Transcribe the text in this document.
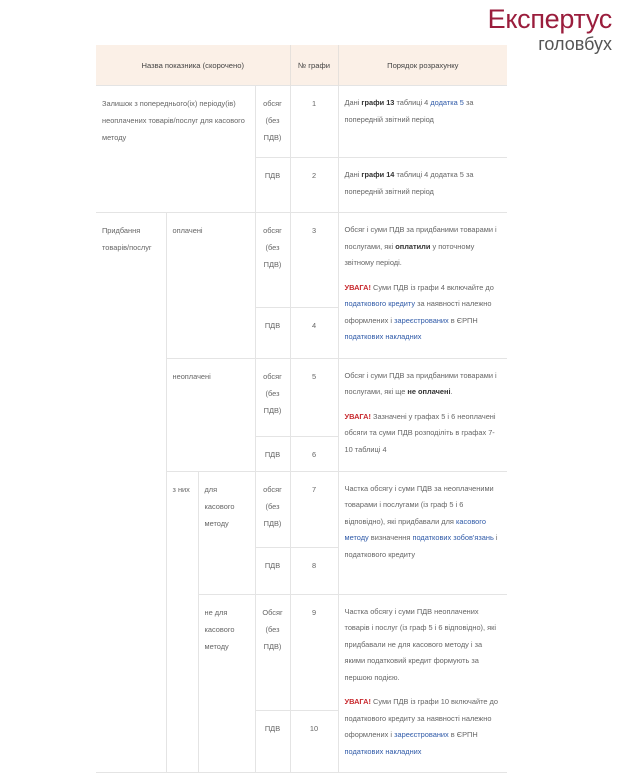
Експертус
головбух
Назва показника (скорочено)				№ графи	Порядок розрахунку
Залишок з попереднього(іх) періоду(ів) неоплачених товарів/послуг для касового методу			обсяг (без ПДВ)	1	Дані графи 13 таблиці 4 додатка 5 за попередній звітний період

			ПДВ	2	Дані графи 14 таблиці 4 додатка 5 за попередній звітний період

Придбання товарів/послуг	оплачені		обсяг (без ПДВ)	3	Обсяг і суми ПДВ за придбаними товарами і послугами, які оплатили у поточному звітному періоді.

УВАГА! Суми ПДВ із графи 4 включайте до податкового кредиту за наявності належно оформлених і зареєстрованих в ЄРПН податкових накладних

			ПДВ	4	
	неоплачені		обсяг (без ПДВ)	5	Обсяг і суми ПДВ за придбаними товарами і послугами, які ще не оплачені.

УВАГА! Зазначені у графах 5 і 6 неоплачені обсяги та суми ПДВ розподіліть в графах 7-10 таблиці 4

			ПДВ	6	
	з них	для касового методу	обсяг (без ПДВ)	7	Частка обсягу і суми ПДВ за неоплаченими товарами і послугами (із граф 5 і 6 відповідно), які придбавали для касового методу визначення податкових зобов'язань і податкового кредиту

			ПДВ	8	
		не для касового методу	Обсяг (без ПДВ)	9	Частка обсягу і суми ПДВ неоплачених товарів і послуг (із граф 5 і 6 відповідно), які придбавали не для касового методу і за якими податковий кредит формують за першою подією.

УВАГА! Суми ПДВ із графи 10 включайте до податкового кредиту за наявності належно оформлених і зареєстрованих в ЄРПН податкових накладних

			ПДВ	10	
